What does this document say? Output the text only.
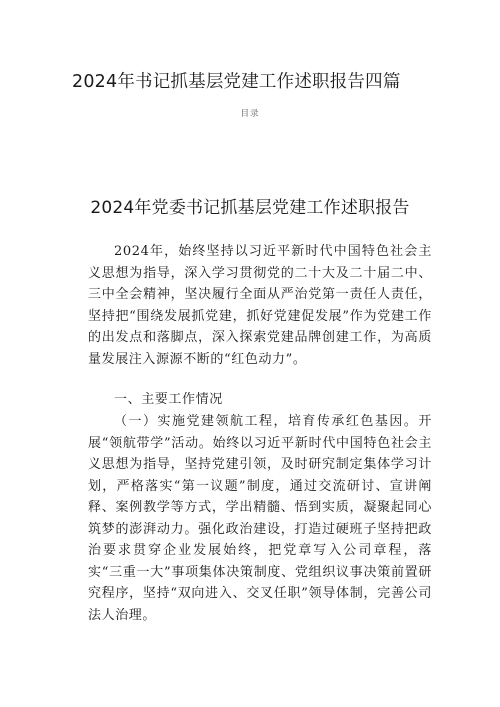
2024年书记抓基层党建工作述职报告四篇
目录
2024年党委书记抓基层党建工作述职报告
2024年，始终坚持以习近平新时代中国特色社会主义思想为指导，深入学习贯彻党的二十大及二十届二中、三中全会精神，坚决履行全面从严治党第一责任人责任，坚持把“围绕发展抓党建，抓好党建促发展”作为党建工作的出发点和落脚点，深入探索党建品牌创建工作，为高质量发展注入源源不断的“红色动力”。
一、主要工作情况
（一）实施党建领航工程，培育传承红色基因。开展“领航带学”活动。始终以习近平新时代中国特色社会主义思想为指导，坚持党建引领，及时研究制定集体学习计划，严格落实“第一议题”制度，通过交流研讨、宣讲阐释、案例教学等方式，学出精髓、悟到实质，凝聚起同心筑梦的澎湃动力。强化政治建设，打造过硬班子坚持把政治要求贯穿企业发展始终，把党章写入公司章程，落实“三重一大”事项集体决策制度、党组织议事决策前置研究程序，坚持“双向进入、交叉任职”领导体制，完善公司法人治理。
